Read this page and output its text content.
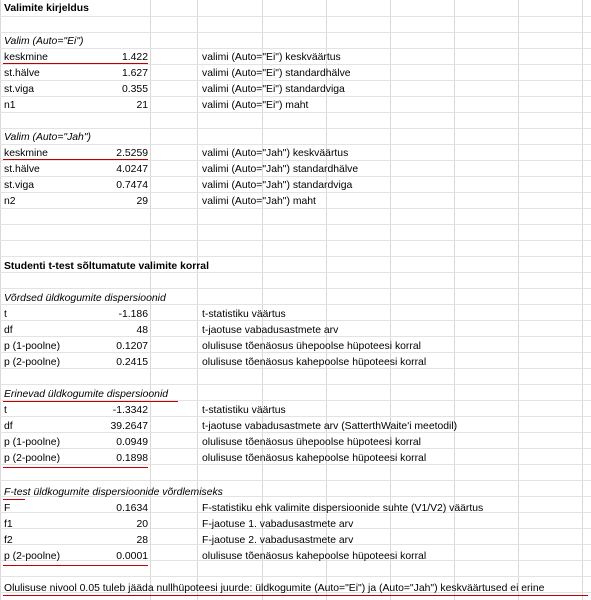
Valimite kirjeldus
Valim (Auto="Ei")
keskmine	1.422	valimi (Auto="Ei") keskväärtus
st.hälve	1.627	valimi (Auto="Ei") standardhälve
st.viga	0.355	valimi (Auto="Ei") standardviga
n1	21	valimi (Auto="Ei") maht
Valim (Auto="Jah")
keskmine	2.5259	valimi (Auto="Jah") keskväärtus
st.hälve	4.0247	valimi (Auto="Jah") standardhälve
st.viga	0.7474	valimi (Auto="Jah") standardviga
n2	29	valimi (Auto="Jah") maht
Studenti t-test sõltumatute valimite korral
Võrdsed üldkogumite dispersioonid
t	-1.186	t-statistiku väärtus
df	48	t-jaotuse vabadusastmete arv
p (1-poolne)	0.1207	olulisuse tõenäosus ühepoolse hüpoteesi korral
p (2-poolne)	0.2415	olulisuse tõenäosus kahepoolse hüpoteesi korral
Erinevad üldkogumite dispersioonid
t	-1.3342	t-statistiku väärtus
df	39.2647	t-jaotuse vabadusastmete arv (SatterthWaite'i meetodil)
p (1-poolne)	0.0949	olulisuse tõenäosus ühepoolse hüpoteesi korral
p (2-poolne)	0.1898	olulisuse tõenäosus kahepoolse hüpoteesi korral
F-test üldkogumite dispersioonide võrdlemiseks
F	0.1634	F-statistiku ehk valimite dispersioonide suhte (V1/V2) väärtus
f1	20	F-jaotuse 1. vabadusastmete arv
f2	28	F-jaotuse 2. vabadusastmete arv
p (2-poolne)	0.0001	olulisuse tõenäosus kahepoolse hüpoteesi korral
Olulisuse nivool 0.05 tuleb jääda nullhüpoteesi juurde: üldkogumite (Auto="Ei") ja (Auto="Jah") keskväärtused ei erine
